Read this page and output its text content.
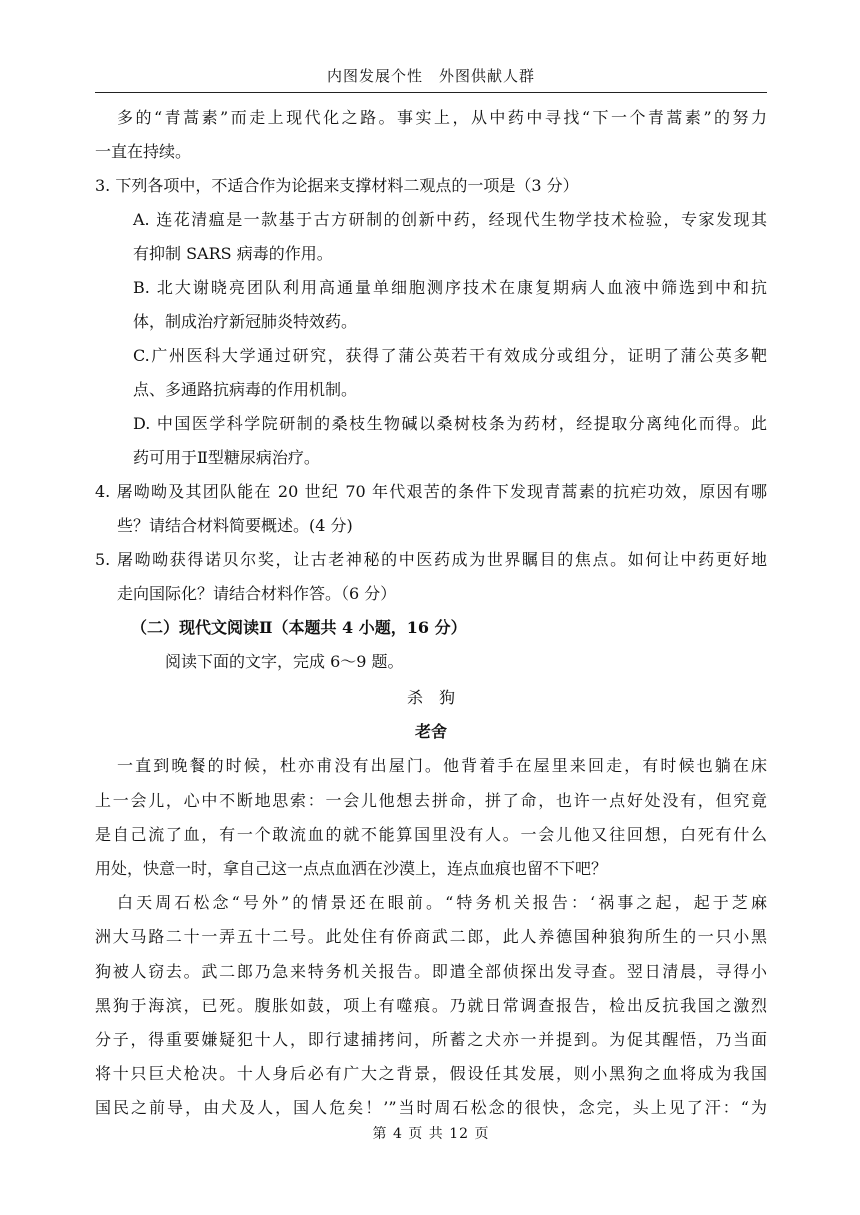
内图发展个性　外图供献人群
多的“青蒿素”而走上现代化之路。事实上，从中药中寻找“下一个青蒿素”的努力
一直在持续。
3. 下列各项中，不适合作为论据来支撑材料二观点的一项是（3 分）
A. 连花清瘟是一款基于古方研制的创新中药，经现代生物学技术检验，专家发现其
有抑制 SARS 病毒的作用。
B. 北大谢晓亮团队利用高通量单细胞测序技术在康复期病人血液中筛选到中和抗
体，制成治疗新冠肺炎特效药。
C.广州医科大学通过研究，获得了蒲公英若干有效成分或组分，证明了蒲公英多靶
点、多通路抗病毒的作用机制。
D. 中国医学科学院研制的桑枝生物碱以桑树枝条为药材，经提取分离纯化而得。此
药可用于Ⅱ型糖尿病治疗。
4. 屠呦呦及其团队能在 20 世纪 70 年代艰苦的条件下发现青蒿素的抗疟功效，原因有哪
些？请结合材料简要概述。(4 分)
5. 屠呦呦获得诺贝尔奖，让古老神秘的中医药成为世界瞩目的焦点。如何让中药更好地
走向国际化？请结合材料作答。（6 分）
（二）现代文阅读Ⅱ（本题共 4 小题，16 分）
阅读下面的文字，完成 6～9 题。
杀　狗
老舍
一直到晚餐的时候，杜亦甫没有出屋门。他背着手在屋里来回走，有时候也躺在床
上一会儿，心中不断地思索：一会儿他想去拼命，拼了命，也许一点好处没有，但究竟
是自己流了血，有一个敢流血的就不能算国里没有人。一会儿他又往回想，白死有什么
用处，快意一时，拿自己这一点点血洒在沙漠上，连点血痕也留不下吧？
白天周石松念“号外”的情景还在眼前。“特务机关报告：‘祸事之起，起于芝麻
洲大马路二十一弄五十二号。此处住有侨商武二郎，此人养德国种狼狗所生的一只小黑
狗被人窃去。武二郎乃急来特务机关报告。即遣全部侦探出发寻查。翌日清晨，寻得小
黑狗于海滨，已死。腹胀如鼓，项上有噬痕。乃就日常调查报告，检出反抗我国之激烈
分子，得重要嫌疑犯十人，即行逮捕拷问，所蓄之犬亦一并提到。为促其醒悟，乃当面
将十只巨犬枪决。十人身后必有广大之背景，假设任其发展，则小黑狗之血将成为我国
国民之前导，由犬及人，国人危矣！’”当时周石松念的很快，念完，头上见了汗：“为
第 4 页 共 12 页
